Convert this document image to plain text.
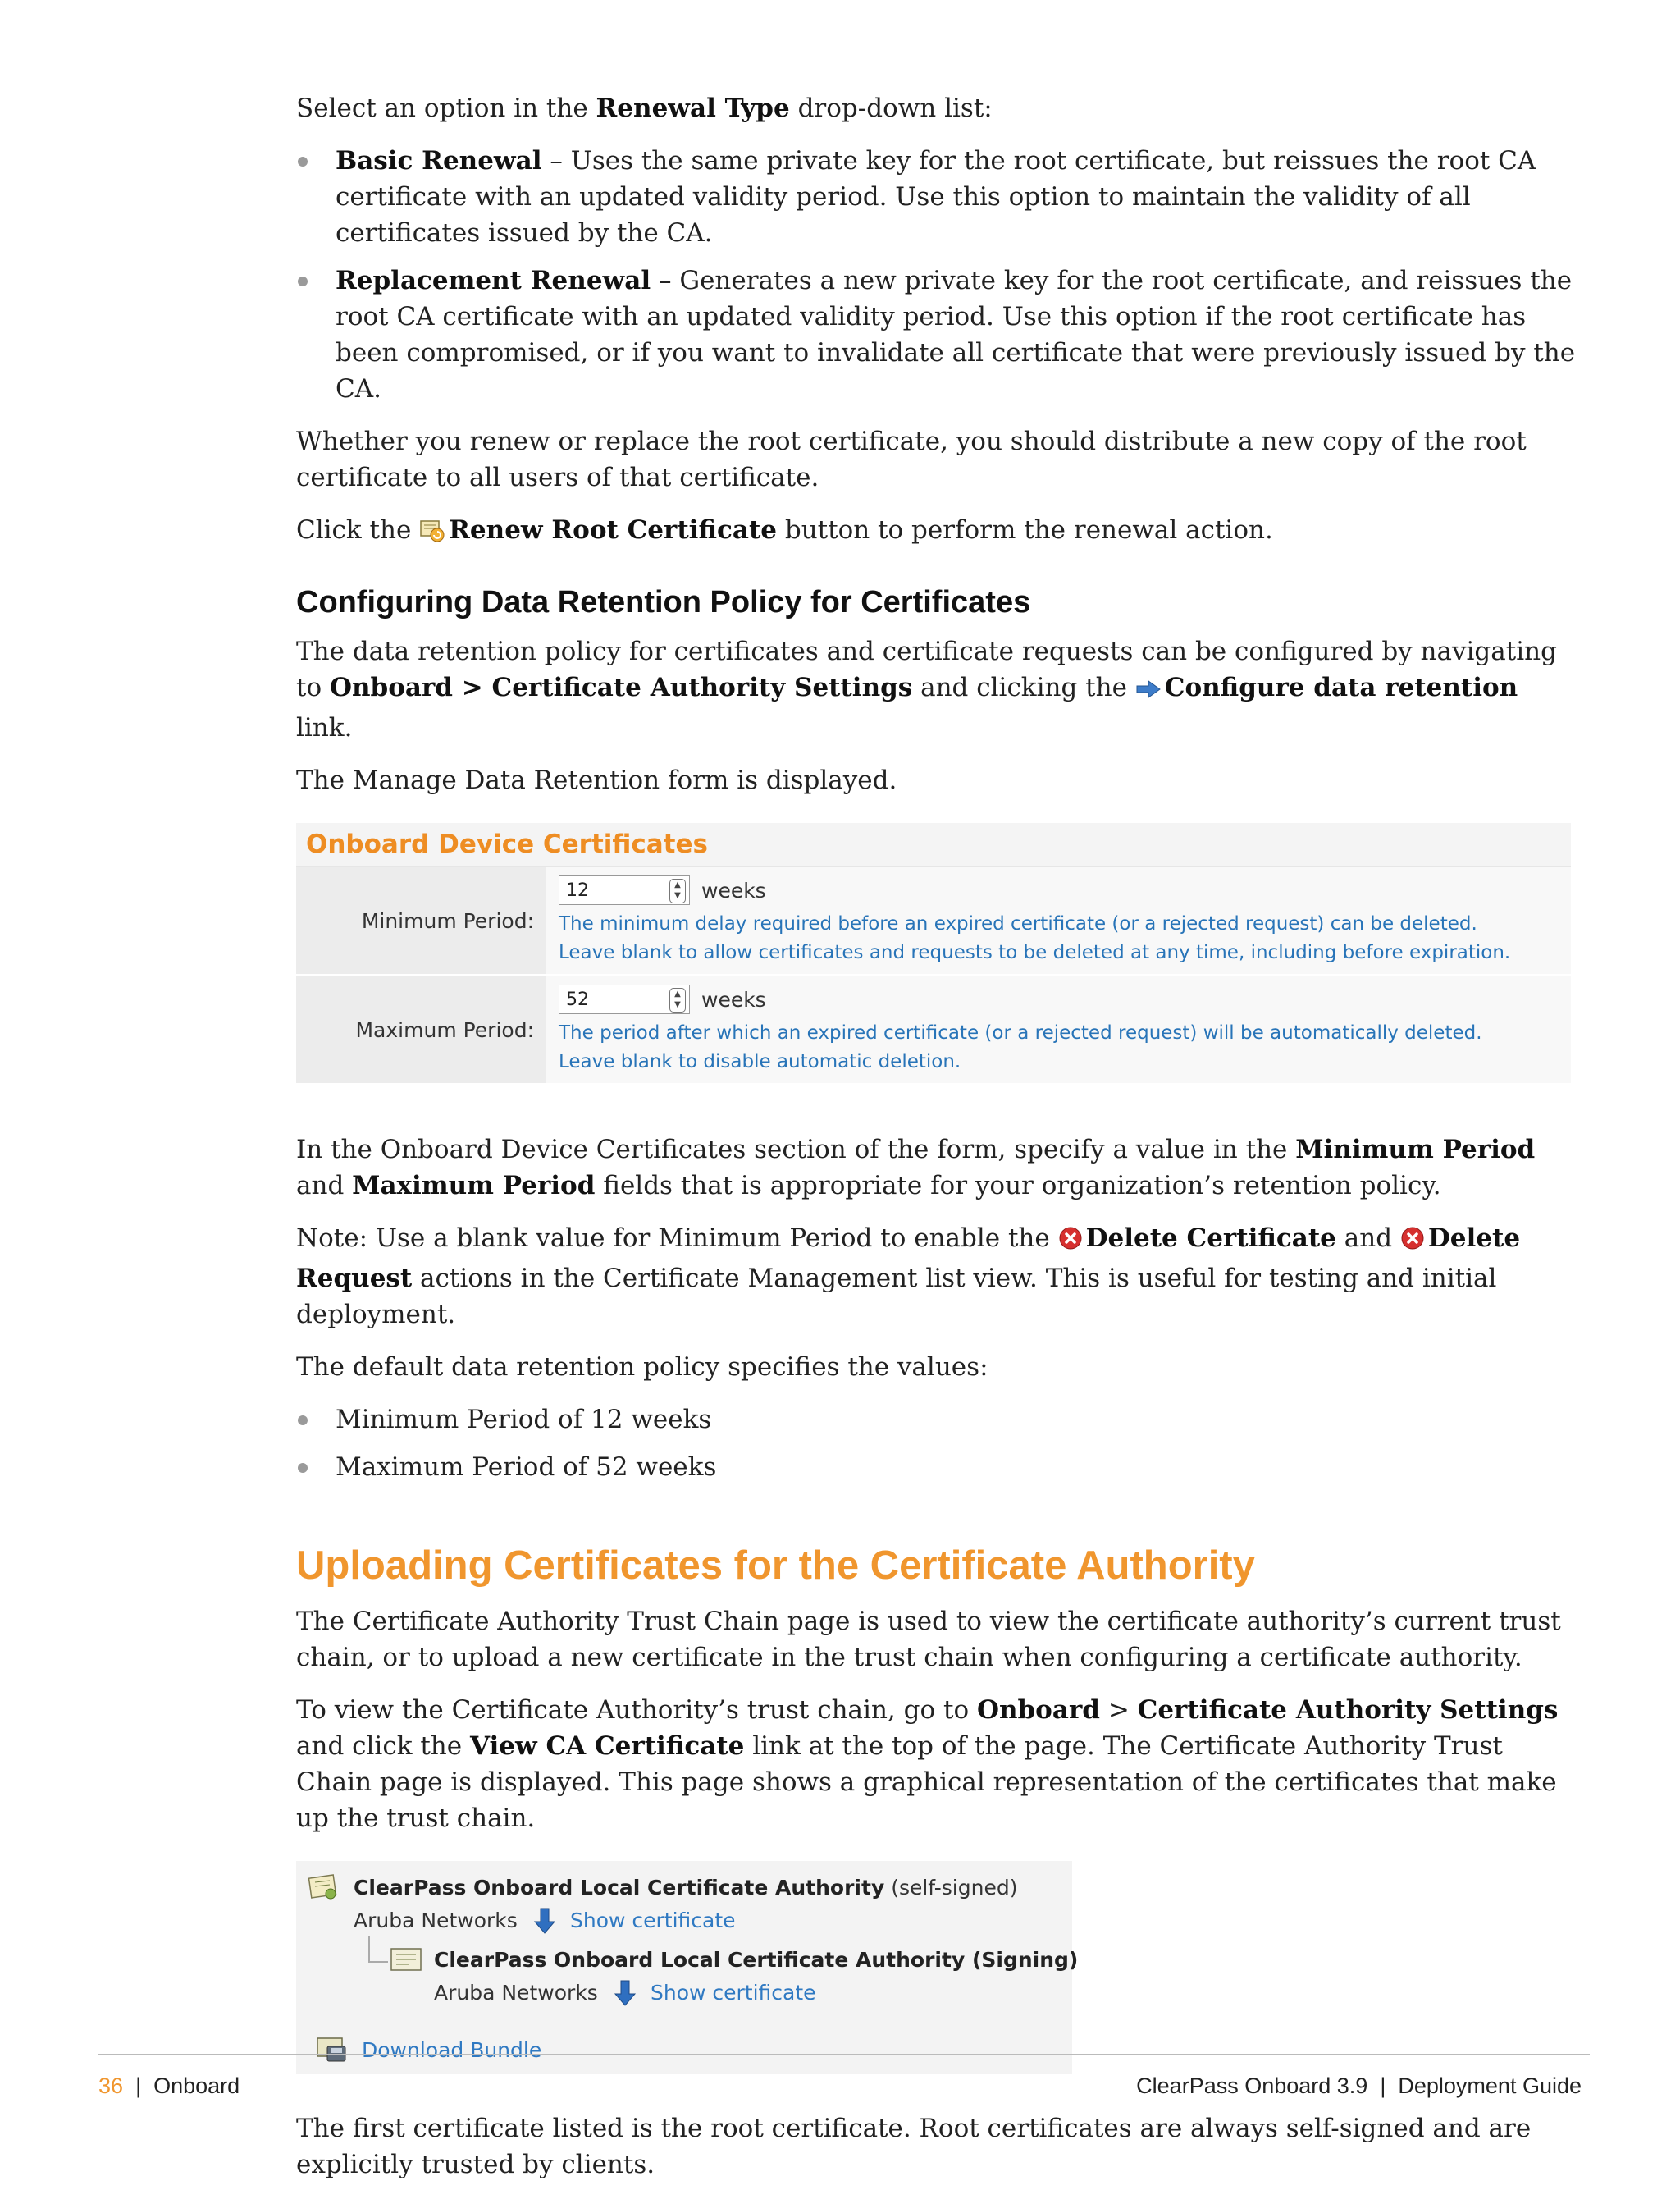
Select an option in the Renewal Type drop-down list:

Basic Renewal – Uses the same private key for the root certificate, but reissues the root CA certificate with an updated validity period. Use this option to maintain the validity of all certificates issued by the CA.
Replacement Renewal – Generates a new private key for the root certificate, and reissues the root CA certificate with an updated validity period. Use this option if the root certificate has been compromised, or if you want to invalidate all certificate that were previously issued by the CA.

Whether you renew or replace the root certificate, you should distribute a new copy of the root certificate to all users of that certificate.

Click the Renew Root Certificate button to perform the renewal action.

Configuring Data Retention Policy for Certificates

The data retention policy for certificates and certificate requests can be configured by navigating to Onboard > Certificate Authority Settings and clicking the Configure data retention link.

The Manage Data Retention form is displayed.

Onboard Device Certificates
Minimum Period:
12	▲
▼ weeks
The minimum delay required before an expired certificate (or a rejected request) can be deleted.
Leave blank to allow certificates and requests to be deleted at any time, including before expiration.
Maximum Period:
52	▲
▼ weeks
The period after which an expired certificate (or a rejected request) will be automatically deleted.
Leave blank to disable automatic deletion.

In the Onboard Device Certificates section of the form, specify a value in the Minimum Period and Maximum Period fields that is appropriate for your organization’s retention policy.

Note: Use a blank value for Minimum Period to enable the Delete Certificate and Delete Request actions in the Certificate Management list view. This is useful for testing and initial deployment.

The default data retention policy specifies the values:

Minimum Period of 12 weeks
Maximum Period of 52 weeks
Uploading Certificates for the Certificate Authority

The Certificate Authority Trust Chain page is used to view the certificate authority’s current trust chain, or to upload a new certificate in the trust chain when configuring a certificate authority.

To view the Certificate Authority’s trust chain, go to Onboard > Certificate Authority Settings and click the View CA Certificate link at the top of the page. The Certificate Authority Trust Chain page is displayed. This page shows a graphical representation of the certificates that make up the trust chain.

ClearPass Onboard Local Certificate Authority (self-signed)
Aruba Networks	Show certificate
ClearPass Onboard Local Certificate Authority (Signing)
Aruba Networks	Show certificate
Download Bundle

The first certificate listed is the root certificate. Root certificates are always self-signed and are explicitly trusted by clients.

36 | Onboard	ClearPass Onboard 3.9 | Deployment Guide
